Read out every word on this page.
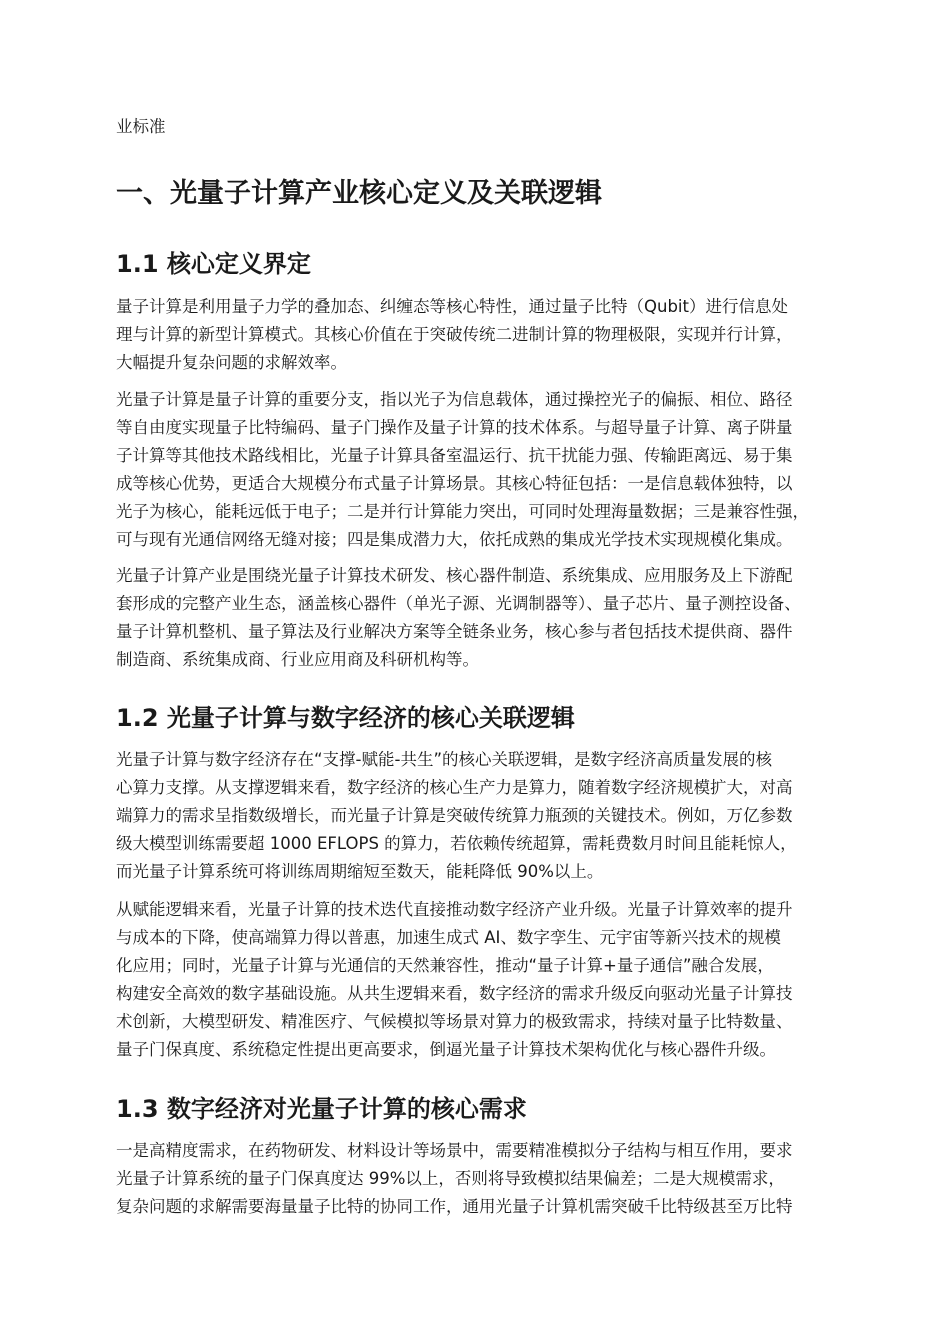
业标准
一、光量子计算产业核心定义及关联逻辑
1.1 核心定义界定
量子计算是利用量子力学的叠加态、纠缠态等核心特性，通过量子比特（Qubit）进行信息处
理与计算的新型计算模式。其核心价值在于突破传统二进制计算的物理极限，实现并行计算，
大幅提升复杂问题的求解效率。
光量子计算是量子计算的重要分支，指以光子为信息载体，通过操控光子的偏振、相位、路径
等自由度实现量子比特编码、量子门操作及量子计算的技术体系。与超导量子计算、离子阱量
子计算等其他技术路线相比，光量子计算具备室温运行、抗干扰能力强、传输距离远、易于集
成等核心优势，更适合大规模分布式量子计算场景。其核心特征包括：一是信息载体独特，以
光子为核心，能耗远低于电子；二是并行计算能力突出，可同时处理海量数据；三是兼容性强，
可与现有光通信网络无缝对接；四是集成潜力大，依托成熟的集成光学技术实现规模化集成。
光量子计算产业是围绕光量子计算技术研发、核心器件制造、系统集成、应用服务及上下游配
套形成的完整产业生态，涵盖核心器件（单光子源、光调制器等）、量子芯片、量子测控设备、
量子计算机整机、量子算法及行业解决方案等全链条业务，核心参与者包括技术提供商、器件
制造商、系统集成商、行业应用商及科研机构等。
1.2 光量子计算与数字经济的核心关联逻辑
光量子计算与数字经济存在“支撑-赋能-共生”的核心关联逻辑，是数字经济高质量发展的核
心算力支撑。从支撑逻辑来看，数字经济的核心生产力是算力，随着数字经济规模扩大，对高
端算力的需求呈指数级增长，而光量子计算是突破传统算力瓶颈的关键技术。例如，万亿参数
级大模型训练需要超 1000 EFLOPS 的算力，若依赖传统超算，需耗费数月时间且能耗惊人，
而光量子计算系统可将训练周期缩短至数天，能耗降低 90%以上。
从赋能逻辑来看，光量子计算的技术迭代直接推动数字经济产业升级。光量子计算效率的提升
与成本的下降，使高端算力得以普惠，加速生成式 AI、数字孪生、元宇宙等新兴技术的规模
化应用；同时，光量子计算与光通信的天然兼容性，推动“量子计算+量子通信”融合发展，
构建安全高效的数字基础设施。从共生逻辑来看，数字经济的需求升级反向驱动光量子计算技
术创新，大模型研发、精准医疗、气候模拟等场景对算力的极致需求，持续对量子比特数量、
量子门保真度、系统稳定性提出更高要求，倒逼光量子计算技术架构优化与核心器件升级。
1.3 数字经济对光量子计算的核心需求
一是高精度需求，在药物研发、材料设计等场景中，需要精准模拟分子结构与相互作用，要求
光量子计算系统的量子门保真度达 99%以上，否则将导致模拟结果偏差；二是大规模需求，
复杂问题的求解需要海量量子比特的协同工作，通用光量子计算机需突破千比特级甚至万比特
